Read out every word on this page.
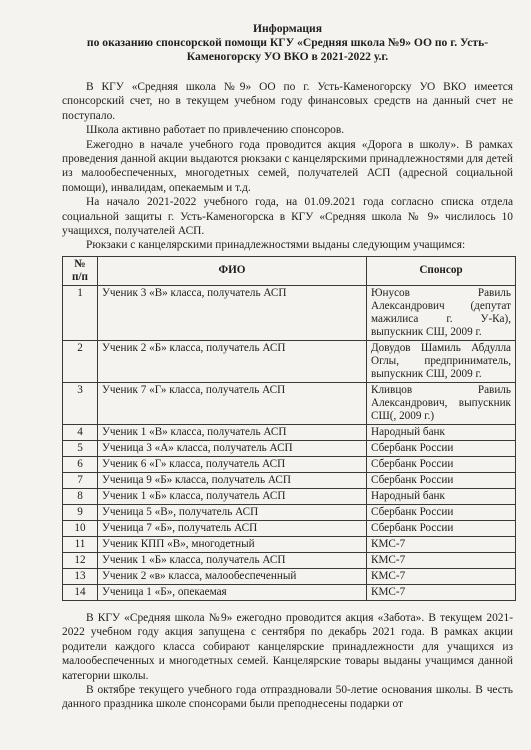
Информация
по оказанию спонсорской помощи КГУ «Средняя школа №9» ОО по г. Усть-
Каменогорску УО ВКО в 2021-2022 у.г.

В КГУ «Средняя школа №9» ОО по г. Усть-Каменогорску УО ВКО имеется спонсорский счет, но в текущем учебном году финансовых средств на данный счет не поступало.

Школа активно работает по привлечению спонсоров.

Ежегодно в начале учебного года проводится акция «Дорога в школу». В рамках проведения данной акции выдаются рюкзаки с канцелярскими принадлежностями для детей из малообеспеченных, многодетных семей, получателей АСП (адресной социальной помощи), инвалидам, опекаемым и т.д.

На начало 2021-2022 учебного года, на 01.09.2021 года согласно списка отдела социальной защиты г. Усть-Каменогорска в КГУ «Средняя школа № 9» числилось 10 учащихся, получателей АСП.

Рюкзаки с канцелярскими принадлежностями выданы следующим учащимся:

№
п/п	ФИО	Спонсор
1	Ученик 3 «В» класса, получатель АСП	Юнусов Равиль Александрович (депутат мажилиса г. У-Ка), выпускник СШ, 2009 г.
2	Ученик 2 «Б» класса, получатель АСП	Довудов Шамиль Абдулла Оглы, предприниматель, выпускник СШ, 2009 г.
3	Ученик 7 «Г» класса, получатель АСП	Кливцов Равиль Александрович, выпускник СШ(, 2009 г.)
4	Ученик 1 «В» класса, получатель АСП	Народный банк
5	Ученица 3 «А» класса, получатель АСП	Сбербанк России
6	Ученик 6 «Г» класса, получатель АСП	Сбербанк России
7	Ученица 9 «Б» класса, получатель АСП	Сбербанк России
8	Ученик 1 «Б» класса, получатель АСП	Народный банк
9	Ученица 5 «В», получатель АСП	Сбербанк России
10	Ученица 7 «Б», получатель АСП	Сбербанк России
11	Ученик КПП «В», многодетный	КМС-7
12	Ученик 1 «Б» класса, получатель АСП	КМС-7
13	Ученик 2 «в» класса, малообеспеченный	КМС-7
14	Ученица 1 «Б», опекаемая	КМС-7

В КГУ «Средняя школа №9» ежегодно проводится акция «Забота». В текущем 2021-2022 учебном году акция запущена с сентября по декабрь 2021 года. В рамках акции родители каждого класса собирают канцелярские принадлежности для учащихся из малообеспеченных и многодетных семей. Канцелярские товары выданы учащимся данной категории школы.

В октябре текущего учебного года отпраздновали 50-летие основания школы. В честь данного праздника школе спонсорами были преподнесены подарки от
